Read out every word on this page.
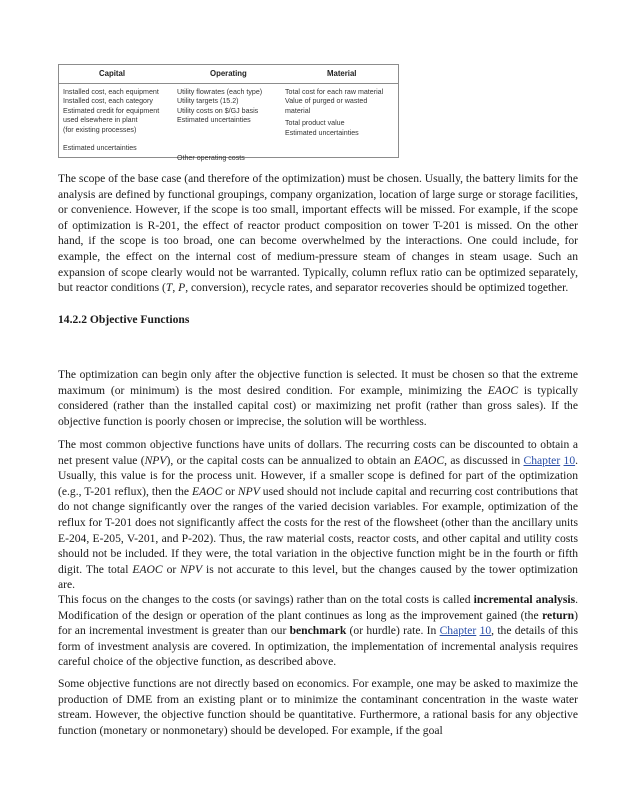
Capital	Operating	Material
Installed cost, each equipment
Installed cost, each category
Estimated credit for equipment
used elsewhere in plant
(for existing processes)
Estimated uncertainties
Utility flowrates (each type)
Utility targets (15.2)
Utility costs on $/GJ basis
Estimated uncertainties
Other operating costs
Total cost for each raw material
Value of purged or wasted
material
Total product value
Estimated uncertainties

The scope of the base case (and therefore of the optimization) must be chosen. Usually, the battery limits for the analysis are defined by functional groupings, company organization, location of large surge or storage facilities, or convenience. However, if the scope is too small, important effects will be missed. For example, if the scope of optimization is R-201, the effect of reactor product composition on tower T-201 is missed. On the other hand, if the scope is too broad, one can become overwhelmed by the interactions. One could include, for example, the effect on the internal cost of medium-pressure steam of changes in steam usage. Such an expansion of scope clearly would not be warranted. Typically, column reflux ratio can be optimized separately, but reactor conditions (T, P, conversion), recycle rates, and separator recoveries should be optimized together.

14.2.2 Objective Functions

The optimization can begin only after the objective function is selected. It must be chosen so that the extreme maximum (or minimum) is the most desired condition. For example, minimizing the EAOC is typically considered (rather than the installed capital cost) or maximizing net profit (rather than gross sales). If the objective function is poorly chosen or imprecise, the solution will be worthless.

The most common objective functions have units of dollars. The recurring costs can be discounted to obtain a net present value (NPV), or the capital costs can be annualized to obtain an EAOC, as discussed in Chapter 10. Usually, this value is for the process unit. However, if a smaller scope is defined for part of the optimization (e.g., T-201 reflux), then the EAOC or NPV used should not include capital and recurring cost contributions that do not change significantly over the ranges of the varied decision variables. For example, optimization of the reflux for T-201 does not significantly affect the costs for the rest of the flowsheet (other than the ancillary units E-204, E-205, V-201, and P-202). Thus, the raw material costs, reactor costs, and other capital and utility costs should not be included. If they were, the total variation in the objective function might be in the fourth or fifth digit. The total EAOC or NPV is not accurate to this level, but the changes caused by the tower optimization are.

This focus on the changes to the costs (or savings) rather than on the total costs is called incremental analysis. Modification of the design or operation of the plant continues as long as the improvement gained (the return) for an incremental investment is greater than our benchmark (or hurdle) rate. In Chapter 10, the details of this form of investment analysis are covered. In optimization, the implementation of incremental analysis requires careful choice of the objective function, as described above.

Some objective functions are not directly based on economics. For example, one may be asked to maximize the production of DME from an existing plant or to minimize the contaminant concentration in the waste water stream. However, the objective function should be quantitative. Furthermore, a rational basis for any objective function (monetary or nonmonetary) should be developed. For example, if the goal
